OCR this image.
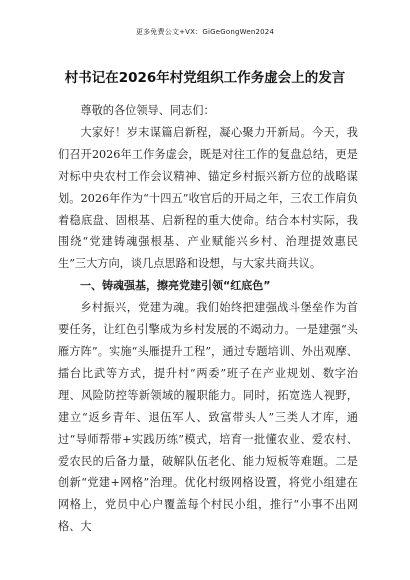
更多免费公文+VX：GiGeGongWen2024
村书记在2026年村党组织工作务虚会上的发言

尊敬的各位领导、同志们：

大家好！岁末谋篇启新程，凝心聚力开新局。今天，我们召开2026年工作务虚会，既是对往工作的复盘总结，更是对标中央农村工作会议精神、锚定乡村振兴新方位的战略谋划。2026年作为“十四五”收官后的开局之年，三农工作肩负着稳底盘、固根基、启新程的重大使命。结合本村实际，我围绕“党建铸魂强根基、产业赋能兴乡村、治理提效惠民生”三大方向，谈几点思路和设想，与大家共商共议。

一、铸魂强基，擦亮党建引领“红底色”

乡村振兴，党建为魂。我们始终把建强战斗堡垒作为首要任务，让红色引擎成为乡村发展的不竭动力。一是建强“头雁方阵”。实施“头雁提升工程”，通过专题培训、外出观摩、擂台比武等方式，提升村“两委”班子在产业规划、数字治理、风险防控等新领域的履职能力。同时，拓宽选人视野，建立“返乡青年、退伍军人、致富带头人”三类人才库，通过“导师帮带+实践历练”模式，培育一批懂农业、爱农村、爱农民的后备力量，破解队伍老化、能力短板等难题。二是创新“党建+网格”治理。优化村级网格设置，将党小组建在网格上，党员中心户覆盖每个村民小组，推行“小事不出网格、大
